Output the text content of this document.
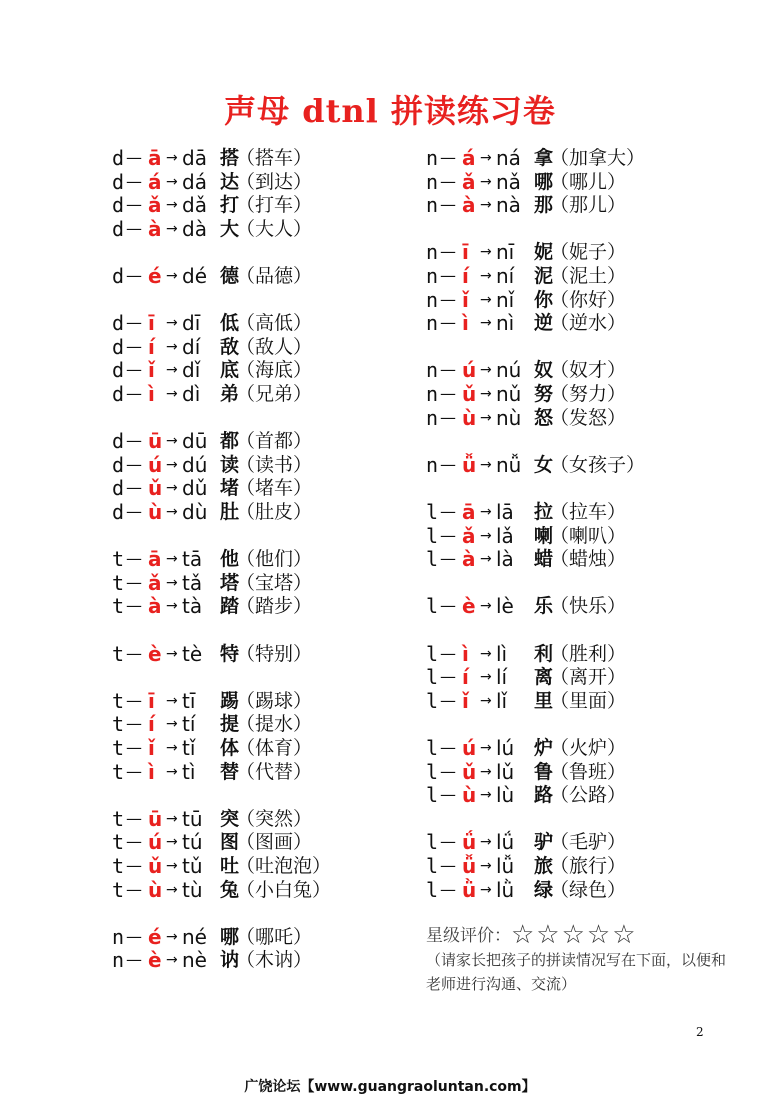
声母 dtnl 拼读练习卷
d — ā → dā 搭
（搭车）
d — á → dá 达
（到达）
d — ǎ → dǎ 打
（打车）
d — à → dà 大
（大人）
d — é → dé 德
（品德）
d — ī → dī 低
（高低）
d — í → dí 敌
（敌人）
d — ǐ → dǐ 底
（海底）
d — ì → dì 弟
（兄弟）
d — ū → dū 都
（首都）
d — ú → dú 读
（读书）
d — ǔ → dǔ 堵
（堵车）
d — ù → dù 肚
（肚皮）
t — ā → tā 他
（他们）
t — ǎ → tǎ 塔
（宝塔）
t — à → tà 踏
（踏步）
t — è → tè 特
（特别）
t — ī → tī 踢
（踢球）
t — í → tí 提
（提水）
t — ǐ → tǐ 体
（体育）
t — ì → tì 替
（代替）
t — ū → tū 突
（突然）
t — ú → tú 图
（图画）
t — ǔ → tǔ 吐
（吐泡泡）
t — ù → tù 兔
（小白兔）
n — é → né 哪
（哪吒）
n — è → nè 讷
（木讷）
n — á → ná 拿
（加拿大）
n — ǎ → nǎ 哪
（哪儿）
n — à → nà 那
（那儿）
n — ī → nī 妮
（妮子）
n — í → ní 泥
（泥土）
n — ǐ → nǐ 你
（你好）
n — ì → nì 逆
（逆水）
n — ú → nú 奴
（奴才）
n — ǔ → nǔ 努
（努力）
n — ù → nù 怒
（发怒）
n — ǚ → nǚ 女
（女孩子）
l — ā → lā 拉
（拉车）
l — ǎ → lǎ 喇
（喇叭）
l — à → là 蜡
（蜡烛）
l — è → lè 乐
（快乐）
l — ì → lì 利
（胜利）
l — í → lí 离
（离开）
l — ǐ → lǐ 里
（里面）
l — ú → lú 炉
（火炉）
l — ǔ → lǔ 鲁
（鲁班）
l — ù → lù 路
（公路）
l — ǘ → lǘ 驴
（毛驴）
l — ǚ → lǚ 旅
（旅行）
l — ǜ → lǜ 绿
（绿色）
星级评价：☆☆☆☆☆
（请家长把孩子的拼读情况写在下面，以便和老师进行沟通、交流）
2
广饶论坛【www.guangraoluntan.com】
